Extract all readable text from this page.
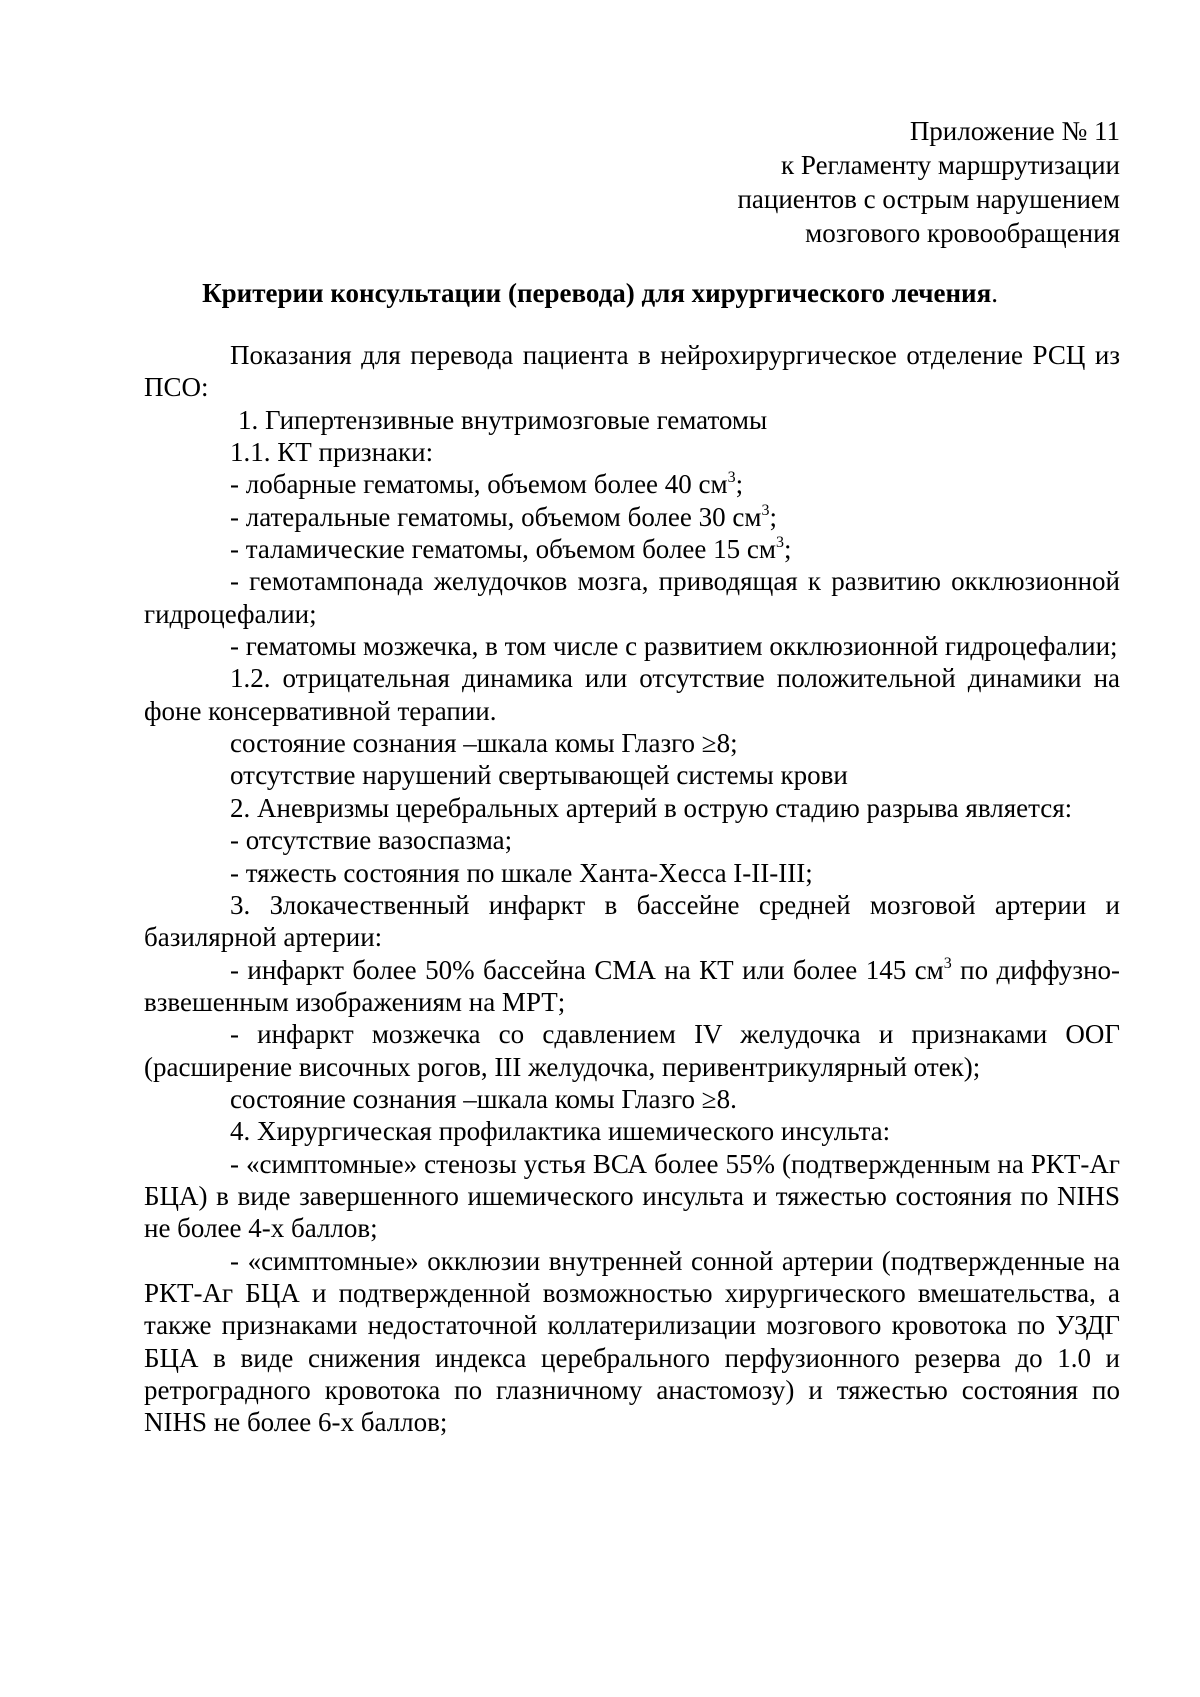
Приложение № 11
к Регламенту маршрутизации
пациентов с острым нарушением
мозгового кровообращения
Критерии консультации (перевода) для хирургического лечения.

Показания для перевода пациента в нейрохирургическое отделение РСЦ из ПСО:

1. Гипертензивные внутримозговые гематомы

1.1. КТ признаки:

- лобарные гематомы, объемом более 40 $см^3$;

- латеральные гематомы, объемом более 30 $см^3$;

- таламические гематомы, объемом более 15 $см^3$;

- гемотампонада желудочков мозга, приводящая к развитию окклюзионной гидроцефалии;

- гематомы мозжечка, в том числе с развитием окклюзионной гидроцефалии;

1.2. отрицательная динамика или отсутствие положительной динамики на фоне консервативной терапии.

состояние сознания –шкала комы Глазго ≥8;

отсутствие нарушений свертывающей системы крови

2. Аневризмы церебральных артерий в острую стадию разрыва является:

- отсутствие вазоспазма;

- тяжесть состояния по шкале Ханта-Хесса I-II-III;

3. Злокачественный инфаркт в бассейне средней мозговой артерии и базилярной артерии:

- инфаркт более 50% бассейна СМА на КТ или более 145 $см^3$ по диффузно-взвешенным изображениям на МРТ;

- инфаркт мозжечка со сдавлением IV желудочка и признаками ООГ (расширение височных рогов, III желудочка, перивентрикулярный отек);

состояние сознания –шкала комы Глазго ≥8.

4. Хирургическая профилактика ишемического инсульта:

- «симптомные» стенозы устья ВСА более 55% (подтвержденным на РКТ-Аг БЦА) в виде завершенного ишемического инсульта и тяжестью состояния по NIHS не более 4-х баллов;

- «симптомные» окклюзии внутренней сонной артерии (подтвержденные на РКТ-Аг БЦА и подтвержденной возможностью хирургического вмешательства, а также признаками недостаточной коллатерилизации мозгового кровотока по УЗДГ БЦА в виде снижения индекса церебрального перфузионного резерва до 1.0 и ретроградного кровотока по глазничному анастомозу) и тяжестью состояния по NIHS не более 6-х баллов;
